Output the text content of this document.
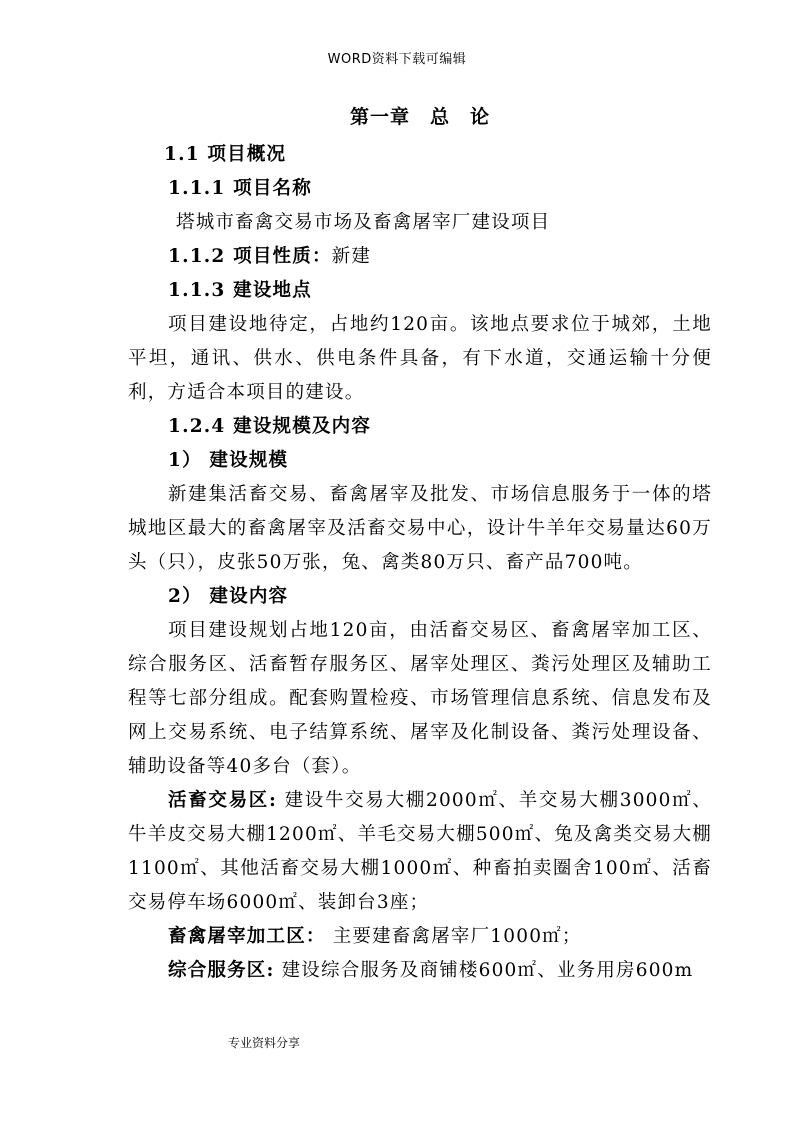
WORD资料下载可编辑
第一章　总　论
1.1 项目概况
1.1.1 项目名称
塔城市畜禽交易市场及畜禽屠宰厂建设项目
1.1.2 项目性质：新建
1.1.3 建设地点
项目建设地待定，占地约120亩。该地点要求位于城郊，土地平坦，通讯、供水、供电条件具备，有下水道，交通运输十分便利，方适合本项目的建设。
1.2.4 建设规模及内容
1） 建设规模
新建集活畜交易、畜禽屠宰及批发、市场信息服务于一体的塔城地区最大的畜禽屠宰及活畜交易中心，设计牛羊年交易量达60万头（只），皮张50万张，兔、禽类80万只、畜产品700吨。
2） 建设内容
项目建设规划占地120亩，由活畜交易区、畜禽屠宰加工区、综合服务区、活畜暂存服务区、屠宰处理区、粪污处理区及辅助工程等七部分组成。配套购置检疫、市场管理信息系统、信息发布及网上交易系统、电子结算系统、屠宰及化制设备、粪污处理设备、辅助设备等40多台（套）。
活畜交易区: 建设牛交易大棚2000㎡、羊交易大棚3000㎡、牛羊皮交易大棚1200㎡、羊毛交易大棚500㎡、兔及禽类交易大棚1100㎡、其他活畜交易大棚1000㎡、种畜拍卖圈舍100㎡、活畜交易停车场6000㎡、装卸台3座；
畜禽屠宰加工区： 主要建畜禽屠宰厂1000㎡；
综合服务区: 建设综合服务及商铺楼600㎡、业务用房600m
专业资料分享
